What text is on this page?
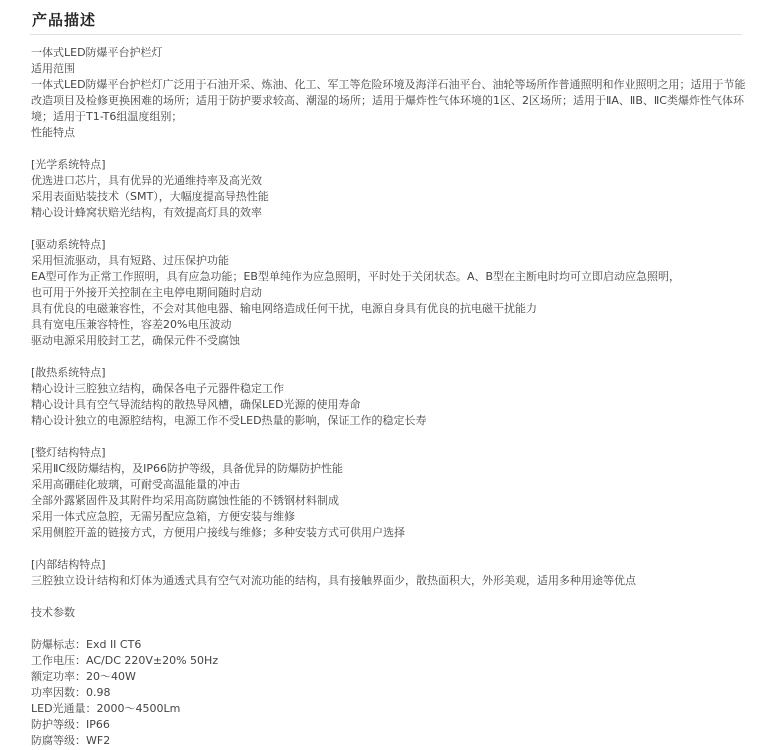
产品描述
一体式LED防爆平台护栏灯
适用范围
一体式LED防爆平台护栏灯广泛用于石油开采、炼油、化工、军工等危险环境及海洋石油平台、油轮等场所作普通照明和作业照明之用；适用于节能改造项目及检修更换困难的场所；适用于防护要求较高、潮湿的场所；适用于爆炸性气体环境的1区、2区场所；适用于ⅡA、ⅡB、ⅡC类爆炸性气体环境；适用于T1-T6组温度组别；
性能特点
[光学系统特点]
优选进口芯片，具有优异的光通维持率及高光效
采用表面贴装技术（SMT），大幅度提高导热性能
精心设计蜂窝状赔光结构，有效提高灯具的效率
[驱动系统特点]
采用恒流驱动，具有短路、过压保护功能
EA型可作为正常工作照明，具有应急功能；EB型单纯作为应急照明，平时处于关闭状态。A、B型在主断电时均可立即启动应急照明，
也可用于外接开关控制在主电停电期间随时启动
具有优良的电磁兼容性，不会对其他电器、输电网络造成任何干扰，电源自身具有优良的抗电磁干扰能力
具有宽电压兼容特性，容差20%电压波动
驱动电源采用胶封工艺，确保元件不受腐蚀
[散热系统特点]
精心设计三腔独立结构，确保各电子元器件稳定工作
精心设计具有空气导流结构的散热导风槽，确保LED光源的使用寿命
精心设计独立的电源腔结构，电源工作不受LED热量的影响，保证工作的稳定长寿
[整灯结构特点]
采用ⅡC级防爆结构，及IP66防护等级，具备优异的防爆防护性能
采用高硼硅化玻璃，可耐受高温能量的冲击
全部外露紧固件及其附件均采用高防腐蚀性能的不锈钢材料制成
采用一体式应急腔，无需另配应急箱，方便安装与维修
采用侧腔开盖的链接方式，方便用户接线与维修；多种安装方式可供用户选择
[内部结构特点]
三腔独立设计结构和灯体为通透式具有空气对流功能的结构，具有接触界面少，散热面积大，外形美观，适用多种用途等优点
技术参数
防爆标志：Exd II CT6
工作电压：AC/DC 220V±20% 50Hz
额定功率：20～40W
功率因数：0.98
LED光通量：2000～4500Lm
防护等级：IP66
防腐等级：WF2
